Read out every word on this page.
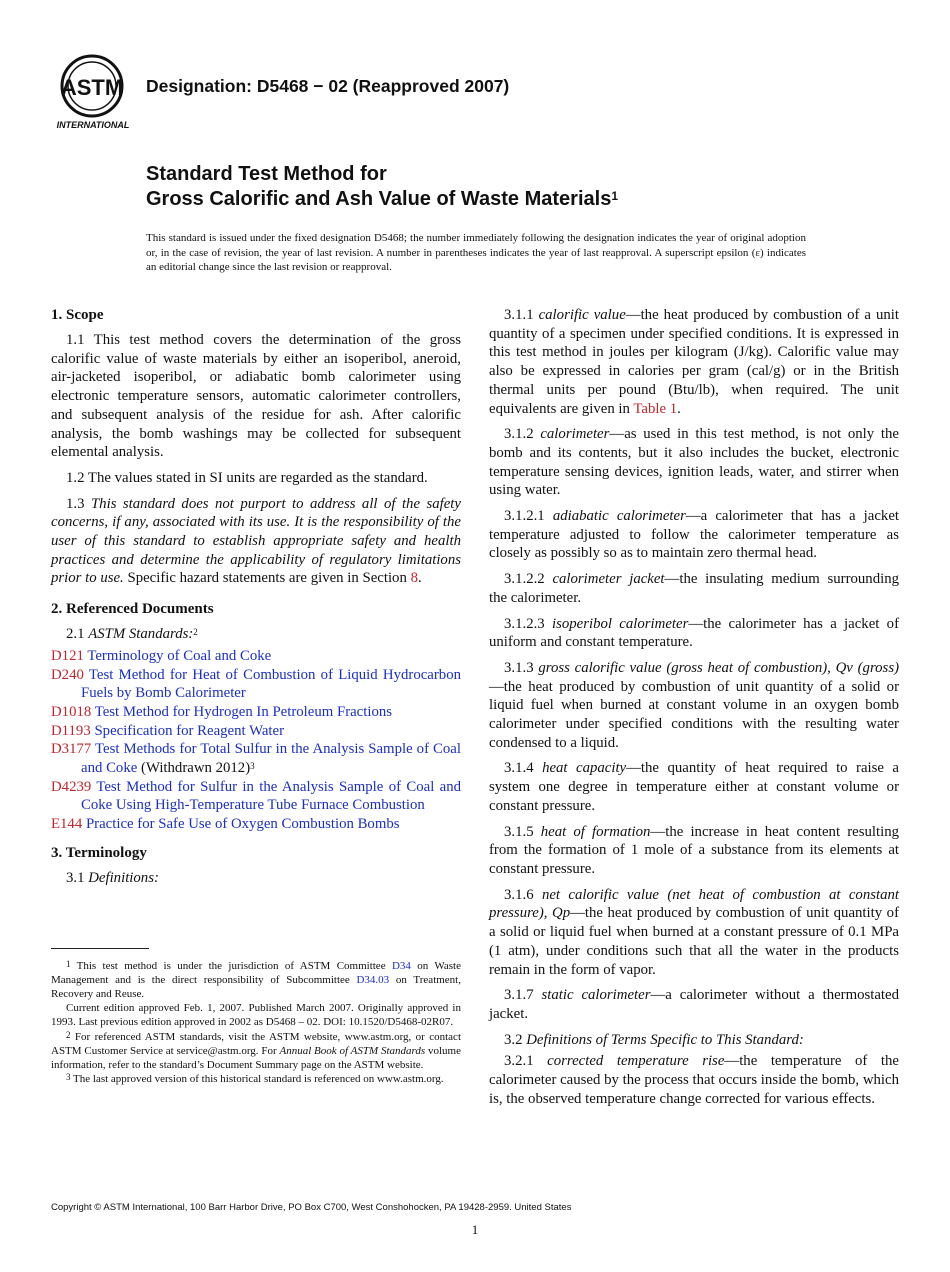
ASTM
INTERNATIONAL
Designation: D5468 − 02 (Reapproved 2007)
Standard Test Method for
Gross Calorific and Ash Value of Waste Materials$^1$
This standard is issued under the fixed designation D5468; the number immediately following the designation indicates the year of original adoption or, in the case of revision, the year of last revision. A number in parentheses indicates the year of last reapproval. A superscript epsilon (ε) indicates an editorial change since the last revision or reapproval.
1. Scope

1.1 This test method covers the determination of the gross calorific value of waste materials by either an isoperibol, aneroid, air-jacketed isoperibol, or adiabatic bomb calorimeter using electronic temperature sensors, automatic calorimeter controllers, and subsequent analysis of the residue for ash. After calorific analysis, the bomb washings may be collected for subsequent elemental analysis.

1.2 The values stated in SI units are regarded as the standard.

1.3 This standard does not purport to address all of the safety concerns, if any, associated with its use. It is the responsibility of the user of this standard to establish appropriate safety and health practices and determine the applicability of regulatory limitations prior to use. Specific hazard statements are given in Section 8.

2. Referenced Documents

2.1 ASTM Standards:$^2$

D121 Terminology of Coal and Coke
D240 Test Method for Heat of Combustion of Liquid Hydrocarbon Fuels by Bomb Calorimeter
D1018 Test Method for Hydrogen In Petroleum Fractions
D1193 Specification for Reagent Water
D3177 Test Methods for Total Sulfur in the Analysis Sample of Coal and Coke (Withdrawn 2012)$^3$
D4239 Test Method for Sulfur in the Analysis Sample of Coal and Coke Using High-Temperature Tube Furnace Combustion
E144 Practice for Safe Use of Oxygen Combustion Bombs
3. Terminology

3.1 Definitions:

$^1$ This test method is under the jurisdiction of ASTM Committee D34 on Waste Management and is the direct responsibility of Subcommittee D34.03 on Treatment, Recovery and Reuse.

Current edition approved Feb. 1, 2007. Published March 2007. Originally approved in 1993. Last previous edition approved in 2002 as D5468 – 02. DOI: 10.1520/D5468-02R07.

$^2$ For referenced ASTM standards, visit the ASTM website, www.astm.org, or contact ASTM Customer Service at service@astm.org. For Annual Book of ASTM Standards volume information, refer to the standard’s Document Summary page on the ASTM website.

$^3$ The last approved version of this historical standard is referenced on www.astm.org.

3.1.1 calorific value—the heat produced by combustion of a unit quantity of a specimen under specified conditions. It is expressed in this test method in joules per kilogram (J/kg). Calorific value may also be expressed in calories per gram (cal/g) or in the British thermal units per pound (Btu/lb), when required. The unit equivalents are given in Table 1.

3.1.2 calorimeter—as used in this test method, is not only the bomb and its contents, but it also includes the bucket, electronic temperature sensing devices, ignition leads, water, and stirrer when using water.

3.1.2.1 adiabatic calorimeter—a calorimeter that has a jacket temperature adjusted to follow the calorimeter temperature as closely as possibly so as to maintain zero thermal head.

3.1.2.2 calorimeter jacket—the insulating medium surrounding the calorimeter.

3.1.2.3 isoperibol calorimeter—the calorimeter has a jacket of uniform and constant temperature.

3.1.3 gross calorific value (gross heat of combustion), Qv (gross)—the heat produced by combustion of unit quantity of a solid or liquid fuel when burned at constant volume in an oxygen bomb calorimeter under specified conditions with the resulting water condensed to a liquid.

3.1.4 heat capacity—the quantity of heat required to raise a system one degree in temperature either at constant volume or constant pressure.

3.1.5 heat of formation—the increase in heat content resulting from the formation of 1 mole of a substance from its elements at constant pressure.

3.1.6 net calorific value (net heat of combustion at constant pressure), Qp—the heat produced by combustion of unit quantity of a solid or liquid fuel when burned at a constant pressure of 0.1 MPa (1 atm), under conditions such that all the water in the products remain in the form of vapor.

3.1.7 static calorimeter—a calorimeter without a thermostated jacket.

3.2 Definitions of Terms Specific to This Standard:

3.2.1 corrected temperature rise—the temperature of the calorimeter caused by the process that occurs inside the bomb, which is, the observed temperature change corrected for various effects.

Copyright © ASTM International, 100 Barr Harbor Drive, PO Box C700, West Conshohocken, PA 19428-2959. United States
1
